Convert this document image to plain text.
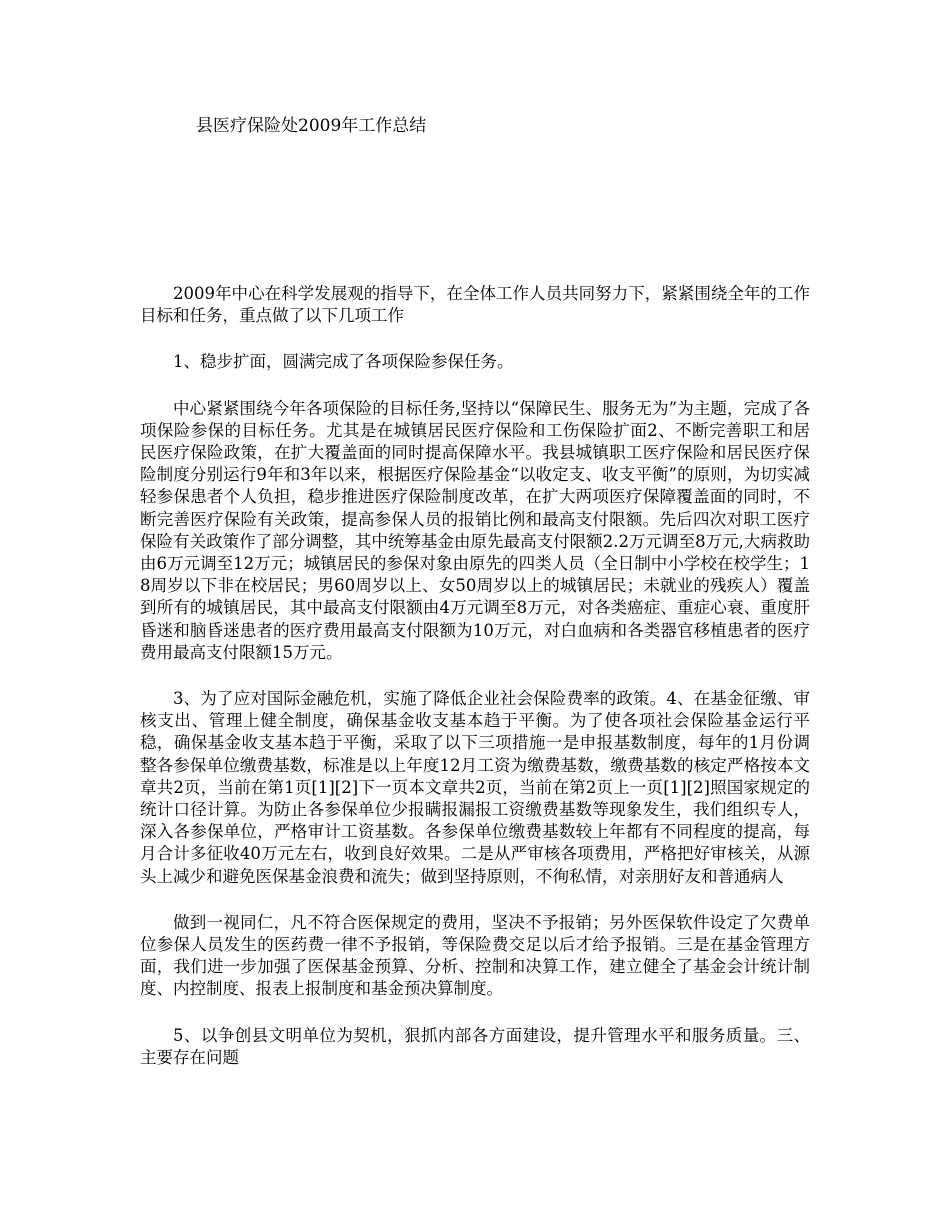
县医疗保险处2009年工作总结

2009年中心在科学发展观的指导下，在全体工作人员共同努力下，紧紧围绕全年的工作目标和任务，重点做了以下几项工作

1、稳步扩面，圆满完成了各项保险参保任务。

中心紧紧围绕今年各项保险的目标任务,坚持以“保障民生、服务无为”为主题，完成了各项保险参保的目标任务。尤其是在城镇居民医疗保险和工伤保险扩面2、不断完善职工和居民医疗保险政策，在扩大覆盖面的同时提高保障水平。我县城镇职工医疗保险和居民医疗保险制度分别运行9年和3年以来，根据医疗保险基金“以收定支、收支平衡”的原则，为切实减轻参保患者个人负担，稳步推进医疗保险制度改革，在扩大两项医疗保障覆盖面的同时，不断完善医疗保险有关政策，提高参保人员的报销比例和最高支付限额。先后四次对职工医疗保险有关政策作了部分调整，其中统筹基金由原先最高支付限额2.2万元调至8万元,大病救助由6万元调至12万元；城镇居民的参保对象由原先的四类人员（全日制中小学校在校学生；18周岁以下非在校居民；男60周岁以上、女50周岁以上的城镇居民；未就业的残疾人）覆盖到所有的城镇居民，其中最高支付限额由4万元调至8万元，对各类癌症、重症心衰、重度肝昏迷和脑昏迷患者的医疗费用最高支付限额为10万元，对白血病和各类器官移植患者的医疗费用最高支付限额15万元。

3、为了应对国际金融危机，实施了降低企业社会保险费率的政策。4、在基金征缴、审核支出、管理上健全制度，确保基金收支基本趋于平衡。为了使各项社会保险基金运行平稳，确保基金收支基本趋于平衡，采取了以下三项措施一是申报基数制度，每年的1月份调整各参保单位缴费基数，标准是以上年度12月工资为缴费基数，缴费基数的核定严格按本文章共2页，当前在第1页[1][2]下一页本文章共2页，当前在第2页上一页[1][2]照国家规定的统计口径计算。为防止各参保单位少报瞒报漏报工资缴费基数等现象发生，我们组织专人，深入各参保单位，严格审计工资基数。各参保单位缴费基数较上年都有不同程度的提高，每月合计多征收40万元左右，收到良好效果。二是从严审核各项费用，严格把好审核关，从源头上减少和避免医保基金浪费和流失；做到坚持原则，不徇私情，对亲朋好友和普通病人

做到一视同仁，凡不符合医保规定的费用，坚决不予报销；另外医保软件设定了欠费单位参保人员发生的医药费一律不予报销，等保险费交足以后才给予报销。三是在基金管理方面，我们进一步加强了医保基金预算、分析、控制和决算工作，建立健全了基金会计统计制度、内控制度、报表上报制度和基金预决算制度。

5、以争创县文明单位为契机，狠抓内部各方面建设，提升管理水平和服务质量。三、主要存在问题
